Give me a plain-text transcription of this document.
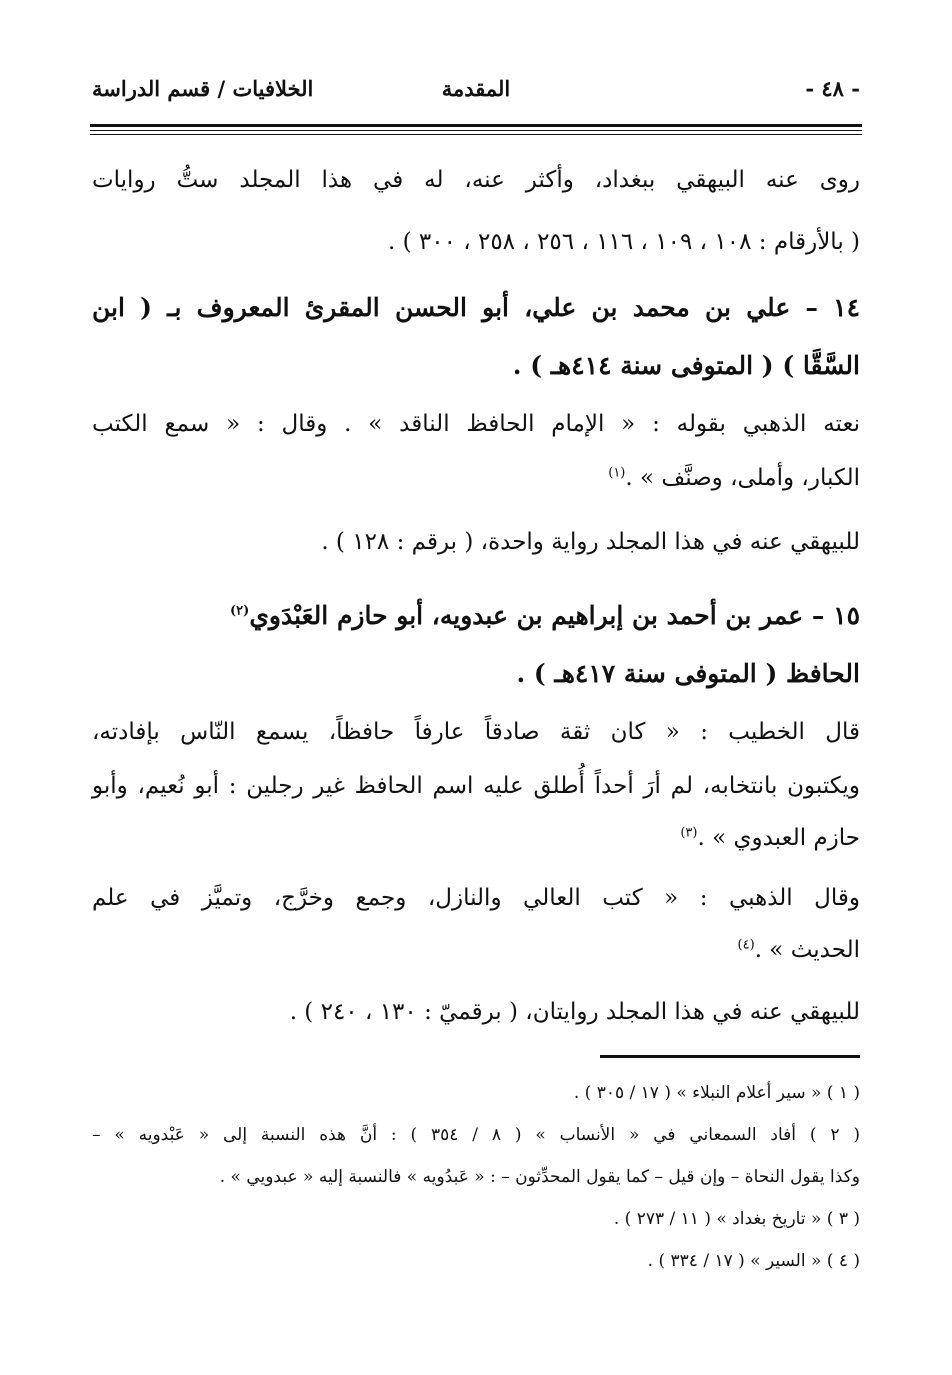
- ٤٨ -
المقدمة
الخلافيات / قسم الدراسة
روى عنه البيهقي ببغداد، وأكثر عنه، له في هذا المجلد ستُّ روايات
( بالأرقام : ١٠٨ ، ١٠٩ ، ١١٦ ، ٢٥٦ ، ٢٥٨ ، ٣٠٠ ) .
١٤ – علي بن محمد بن علي، أبو الحسن المقرئ المعروف بـ ( ابن
السَّقَّا ) ( المتوفى سنة ٤١٤هـ ) .
نعته الذهبي بقوله : « الإمام الحافظ الناقد » . وقال : « سمع الكتب
الكبار، وأملى، وصنَّف » .$^{(١)}$
للبيهقي عنه في هذا المجلد رواية واحدة، ( برقم : ١٢٨ ) .
١٥ – عمر بن أحمد بن إبراهيم بن عبدويه، أبو حازم العَبْدَوي$^{(٢)}$
الحافظ ( المتوفى سنة ٤١٧هـ ) .
قال الخطيب : « كان ثقة صادقاً عارفاً حافظاً، يسمع النّاس بإفادته،
ويكتبون بانتخابه، لم أرَ أحداً أُطلق عليه اسم الحافظ غير رجلين : أبو نُعيم، وأبو
حازم العبدوي » .$^{(٣)}$
وقال الذهبي : « كتب العالي والنازل، وجمع وخرَّج، وتميَّز في علم
الحديث » .$^{(٤)}$
للبيهقي عنه في هذا المجلد روايتان، ( برقميّ : ١٣٠ ، ٢٤٠ ) .
( ١ ) « سير أعلام النبلاء » ( ١٧ / ٣٠٥ ) .
( ٢ ) أفاد السمعاني في « الأنساب » ( ٨ / ٣٥٤ ) : أنَّ هذه النسبة إلى « عَبْدويه » –
وكذا يقول النحاة – وإن قيل – كما يقول المحدِّثون – : « عَبدُويه » فالنسبة إليه « عبدويي » .
( ٣ ) « تاريخ بغداد » ( ١١ / ٢٧٣ ) .
( ٤ ) « السير » ( ١٧ / ٣٣٤ ) .
